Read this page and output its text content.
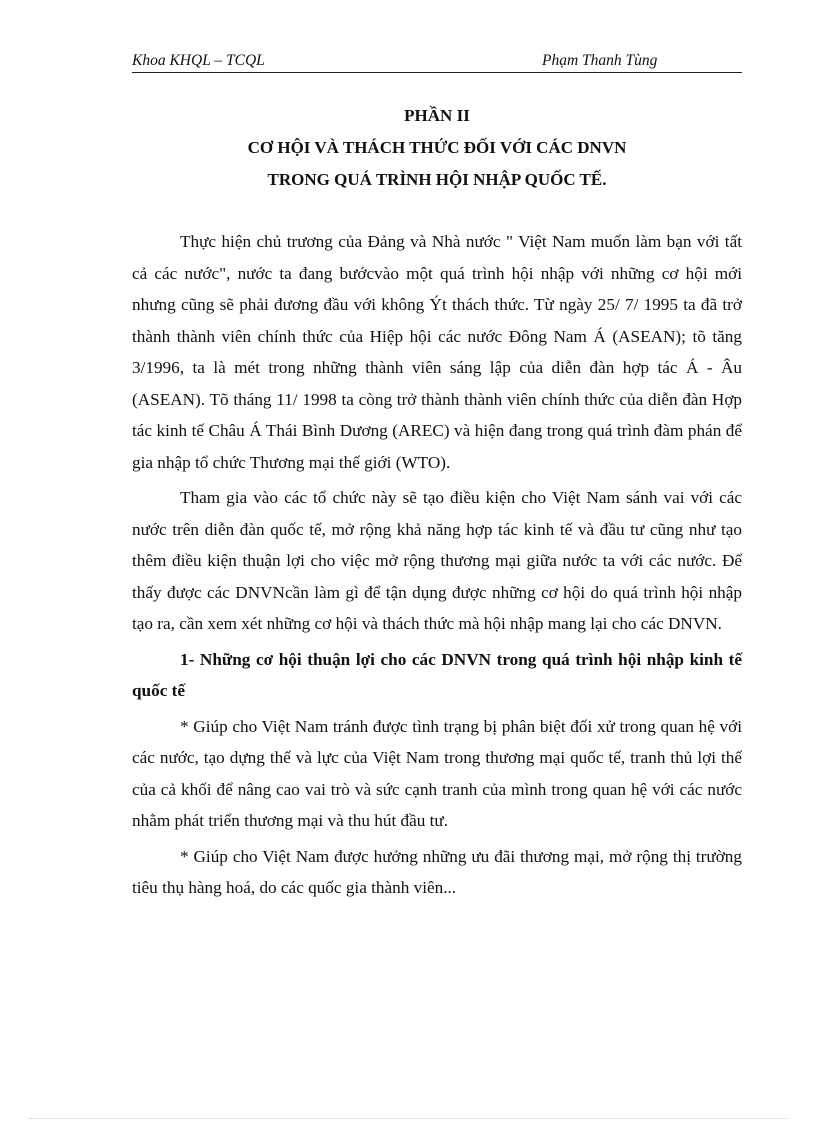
Khoa KHQL – TCQL	Phạm Thanh Tùng
PHẦN II
CƠ HỘI VÀ THÁCH THỨC ĐỐI VỚI CÁC DNVN
TRONG QUÁ TRÌNH HỘI NHẬP QUỐC TẾ.

Thực hiện chủ trương của Đảng và Nhà nước " Việt Nam muốn làm bạn với tất cả các nước", nước ta đang bướcvào một quá trình hội nhập với những cơ hội mới nhưng cũng sẽ phải đương đầu với không Ýt thách thức. Từ ngày 25/ 7/ 1995 ta đã trở thành thành viên chính thức của Hiệp hội các nước Đông Nam Á (ASEAN); tõ tăng 3/1996, ta là mét trong những thành viên sáng lập của diễn đàn hợp tác Á - Âu (ASEAN). Tõ tháng 11/ 1998 ta còng trở thành thành viên chính thức của diễn đàn Hợp tác kinh tế Châu Á Thái Bình Dương (AREC) và hiện đang trong quá trình đàm phán để gia nhập tổ chức Thương mại thế giới (WTO).

Tham gia vào các tổ chức này sẽ tạo điều kiện cho Việt Nam sánh vai với các nước trên diễn đàn quốc tế, mở rộng khả năng hợp tác kinh tế và đầu tư cũng như tạo thêm điều kiện thuận lợi cho việc mở rộng thương mại giữa nước ta với các nước. Để thấy được các DNVNcần làm gì để tận dụng được những cơ hội do quá trình hội nhập tạo ra, cần xem xét những cơ hội và thách thức mà hội nhập mang lại cho các DNVN.

1- Những cơ hội thuận lợi cho các DNVN trong quá trình hội nhập kinh tế quốc tế

* Giúp cho Việt Nam tránh được tình trạng bị phân biệt đối xử trong quan hệ với các nước, tạo dựng thế và lực của Việt Nam trong thương mại quốc tế, tranh thủ lợi thế của cả khối để nâng cao vai trò và sức cạnh tranh của mình trong quan hệ với các nước nhằm phát triển thương mại và thu hút đầu tư.

* Giúp cho Việt Nam được hưởng những ưu đãi thương mại, mở rộng thị trường tiêu thụ hàng hoá, do các quốc gia thành viên...
